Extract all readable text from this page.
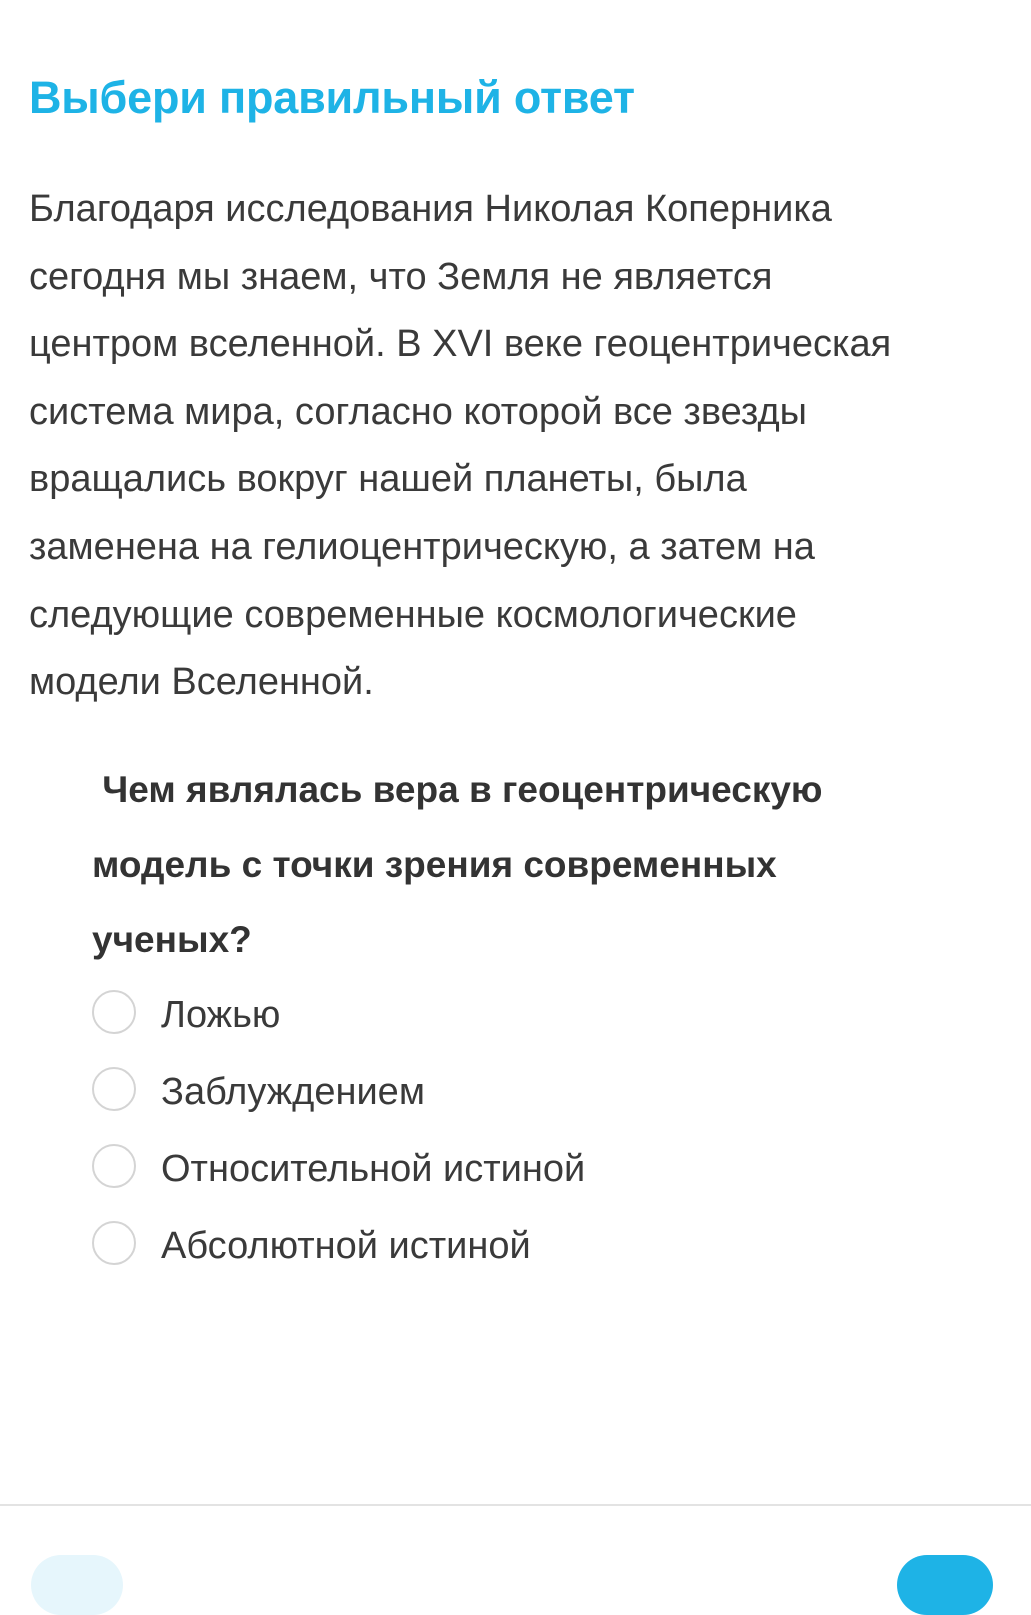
Выбери правильный ответ
Благодаря исследования Николая Коперника
сегодня мы знаем, что Земля не является
центром вселенной. В XVI веке геоцентрическая
система мира, согласно которой все звезды
вращались вокруг нашей планеты, была
заменена на гелиоцентрическую, а затем на
следующие современные космологические
модели Вселенной.
Чем являлась вера в геоцентрическую
модель с точки зрения современных
ученых?
Ложью
Заблуждением
Относительной истиной
Абсолютной истиной
